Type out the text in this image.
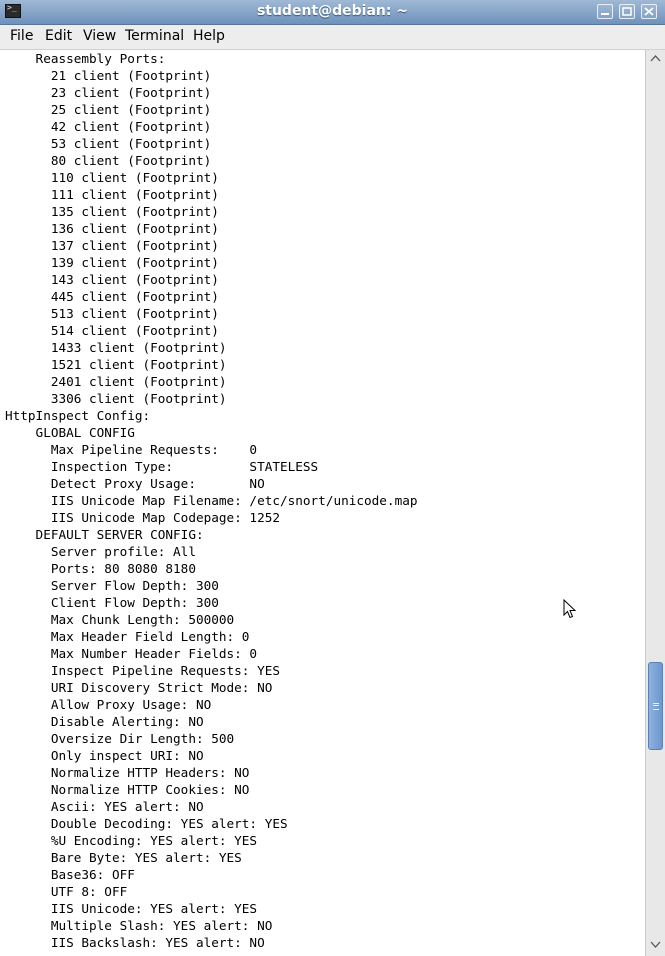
>_
student@debian: ~
File Edit View Terminal Help
Reassembly Ports:
21 client (Footprint)
23 client (Footprint)
25 client (Footprint)
42 client (Footprint)
53 client (Footprint)
80 client (Footprint)
110 client (Footprint)
111 client (Footprint)
135 client (Footprint)
136 client (Footprint)
137 client (Footprint)
139 client (Footprint)
143 client (Footprint)
445 client (Footprint)
513 client (Footprint)
514 client (Footprint)
1433 client (Footprint)
1521 client (Footprint)
2401 client (Footprint)
3306 client (Footprint)
HttpInspect Config:
GLOBAL CONFIG
Max Pipeline Requests:    0
Inspection Type:          STATELESS
Detect Proxy Usage:       NO
IIS Unicode Map Filename: /etc/snort/unicode.map
IIS Unicode Map Codepage: 1252
DEFAULT SERVER CONFIG:
Server profile: All
Ports: 80 8080 8180
Server Flow Depth: 300
Client Flow Depth: 300
Max Chunk Length: 500000
Max Header Field Length: 0
Max Number Header Fields: 0
Inspect Pipeline Requests: YES
URI Discovery Strict Mode: NO
Allow Proxy Usage: NO
Disable Alerting: NO
Oversize Dir Length: 500
Only inspect URI: NO
Normalize HTTP Headers: NO
Normalize HTTP Cookies: NO
Ascii: YES alert: NO
Double Decoding: YES alert: YES
%U Encoding: YES alert: YES
Bare Byte: YES alert: YES
Base36: OFF
UTF 8: OFF
IIS Unicode: YES alert: YES
Multiple Slash: YES alert: NO
IIS Backslash: YES alert: NO
